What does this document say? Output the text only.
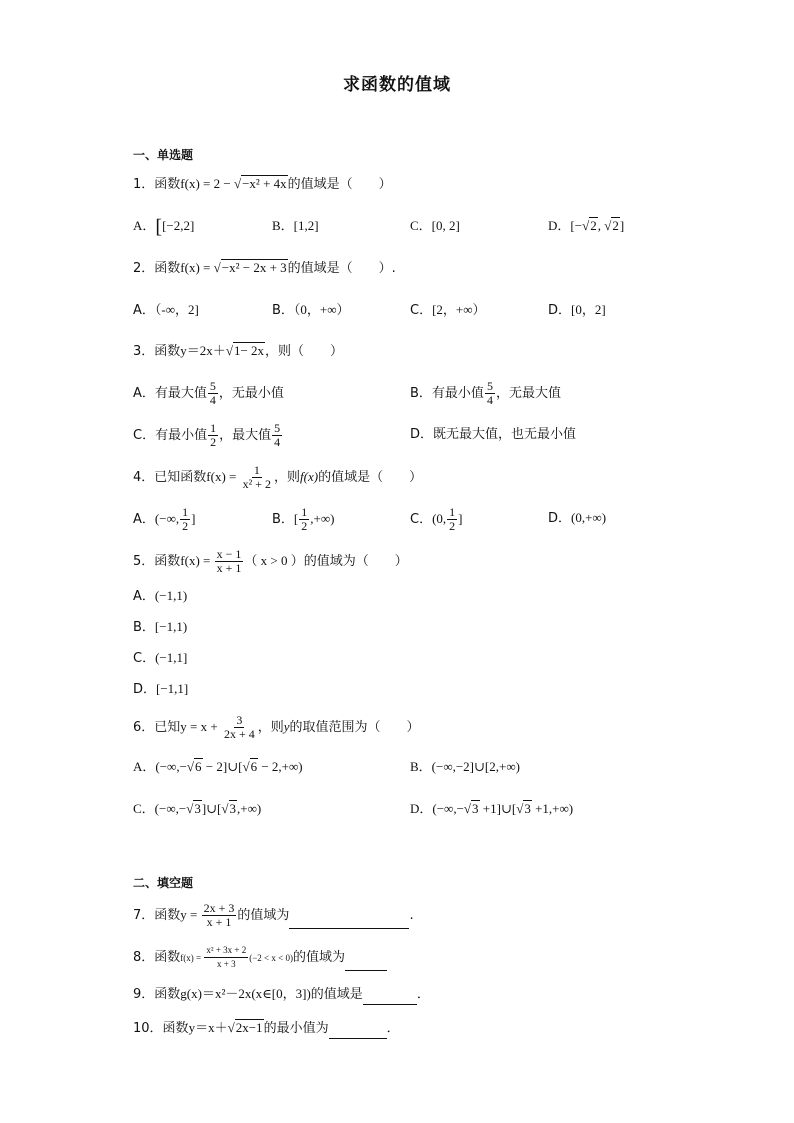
求函数的值域
一、单选题
1．函数f(x) = 2 − √−x² + 4x的值域是（　　）
A．[[−2,2]	B．[1,2]	C．[0, 2]	D．[−√2, √2]
2．函数f(x) = √−x² − 2x + 3的值域是（　　）.
A．（-∞，2]	B．（0，+∞）	C．[2，+∞）	D．[0，2]
3．函数y＝2x＋√1− 2x，则（　　）
A．有最大值 $\frac{5}{4}$ ，无最小值	B．有最小值 $\frac{5}{4}$ ，无最大值
C．有最小值 $\frac{1}{2}$ ，最大值 $\frac{5}{4}$	D．既无最大值，也无最小值
4．已知函数$f(x) = \frac{1}{\text{x² + 2}}$ ，则f(x)的值域是（　　）
A．(−∞, $\frac{1}{2}$ ]	B．[ $\frac{1}{2}$ ,+∞)	C．(0, $\frac{1}{2}$ ]	D．(0,+∞)
5．函数$f(x) = \frac{x - 1}{x + 1}$ （ x > 0 ）的值域为（　　）
A．(−1,1)
B．[−1,1)
C．(−1,1]
D．[−1,1]
6．已知$y = x + \frac{3}{2x + 4}$ ，则y的取值范围为（　　）
A．(−∞,−√6 − 2]∪[√6 − 2,+∞)	B．(−∞,−2]∪[2,+∞)
C．(−∞,−√3]∪[√3,+∞)	D．(−∞,−√3 +1]∪[√3 +1,+∞)
二、填空题
7．函数$y = \frac{2x + 3}{x + 1}$ 的值域为	.
8．函数$f(x) = \frac{\text{x² + 3x + 2}}{x + 3} (-2 < x < 0)$的值域为
9．函数g(x)＝x²－2x(x∈[0，3])的值域是	．
10．函数y＝x＋√2x−1的最小值为	．
